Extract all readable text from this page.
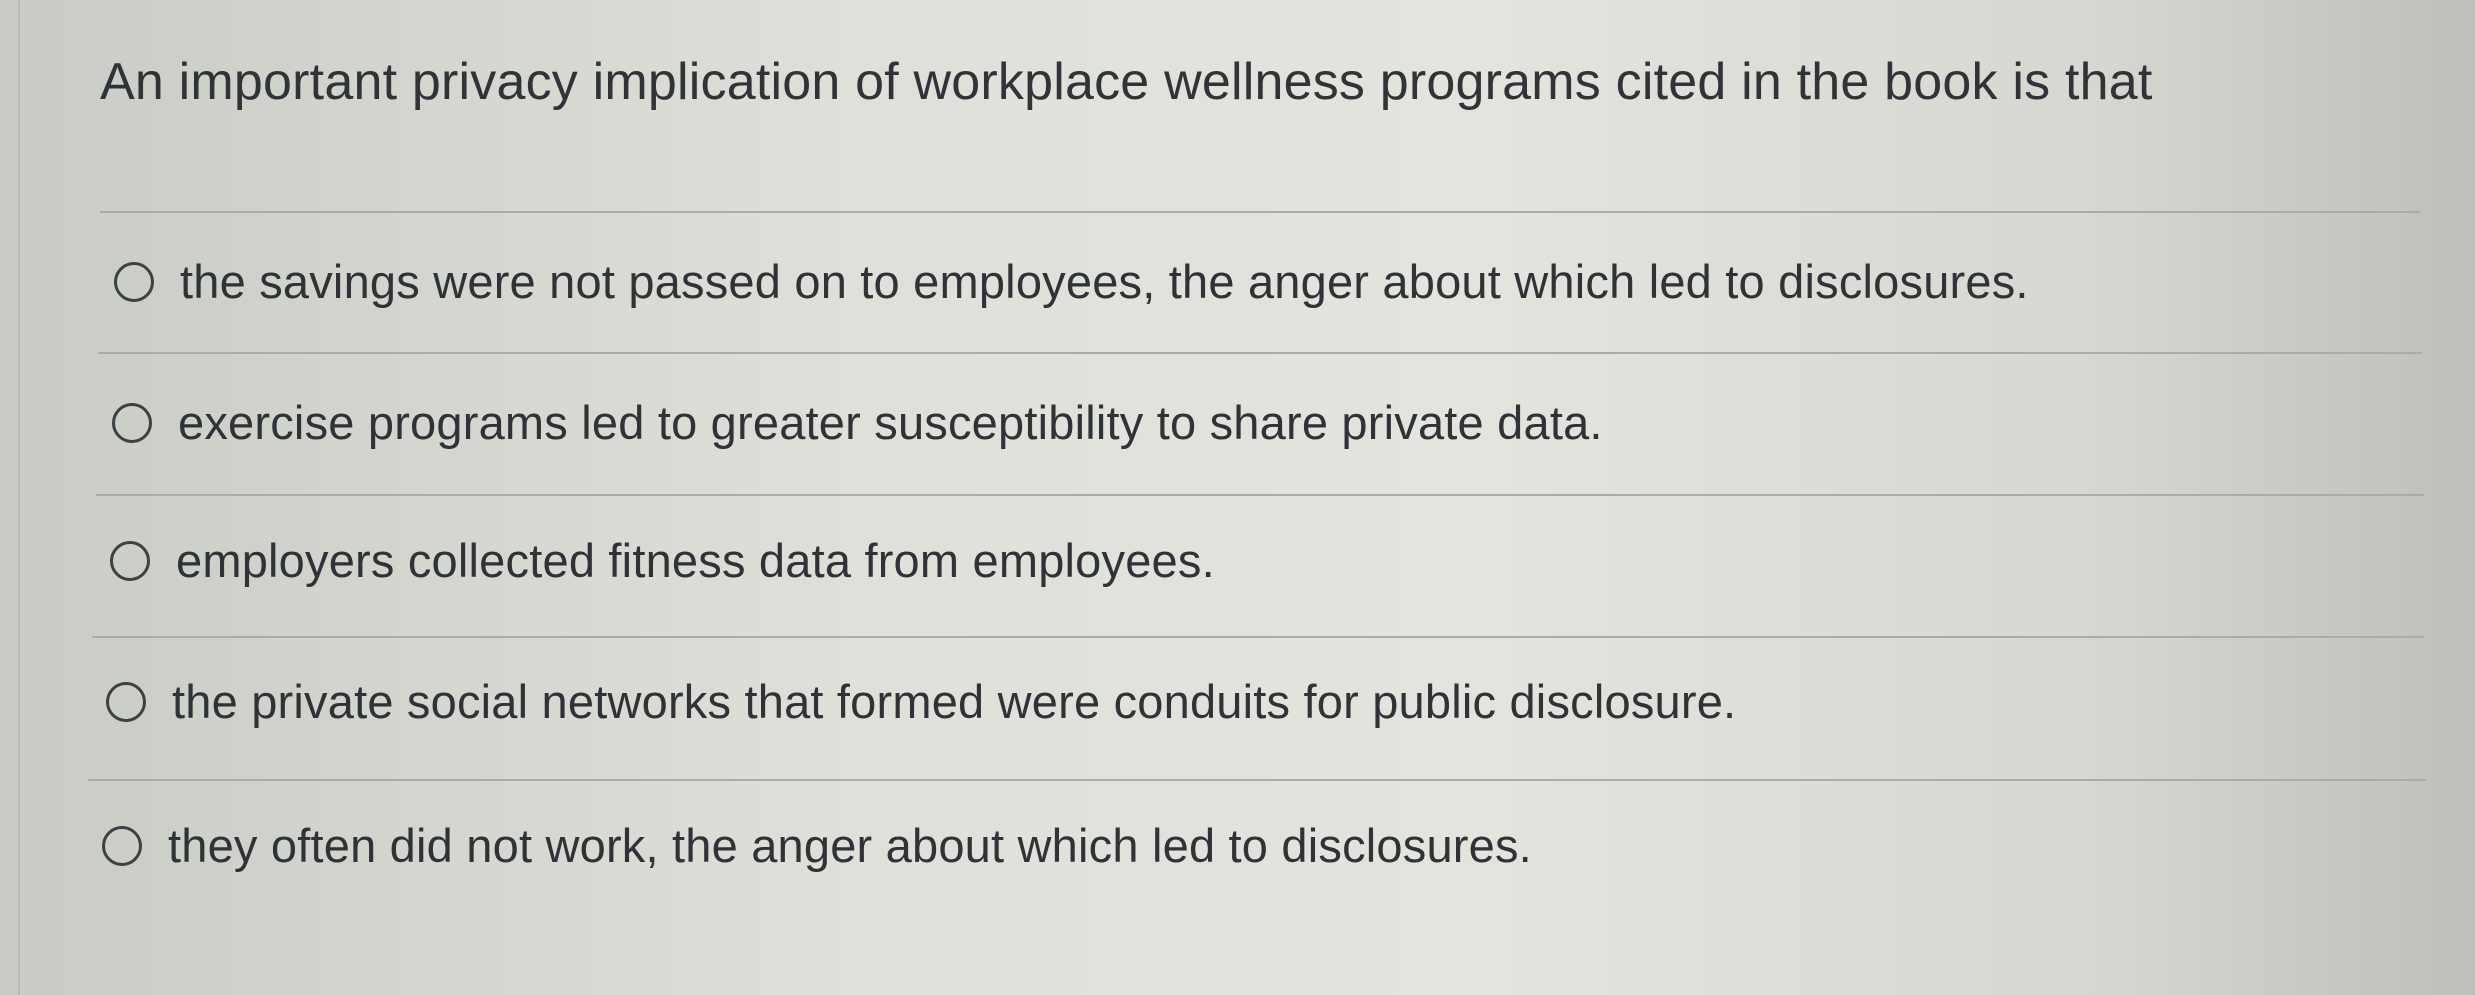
An important privacy implication of workplace wellness programs cited in the book is that
the savings were not passed on to employees, the anger about which led to disclosures.
exercise programs led to greater susceptibility to share private data.
employers collected fitness data from employees.
the private social networks that formed were conduits for public disclosure.
they often did not work, the anger about which led to disclosures.
